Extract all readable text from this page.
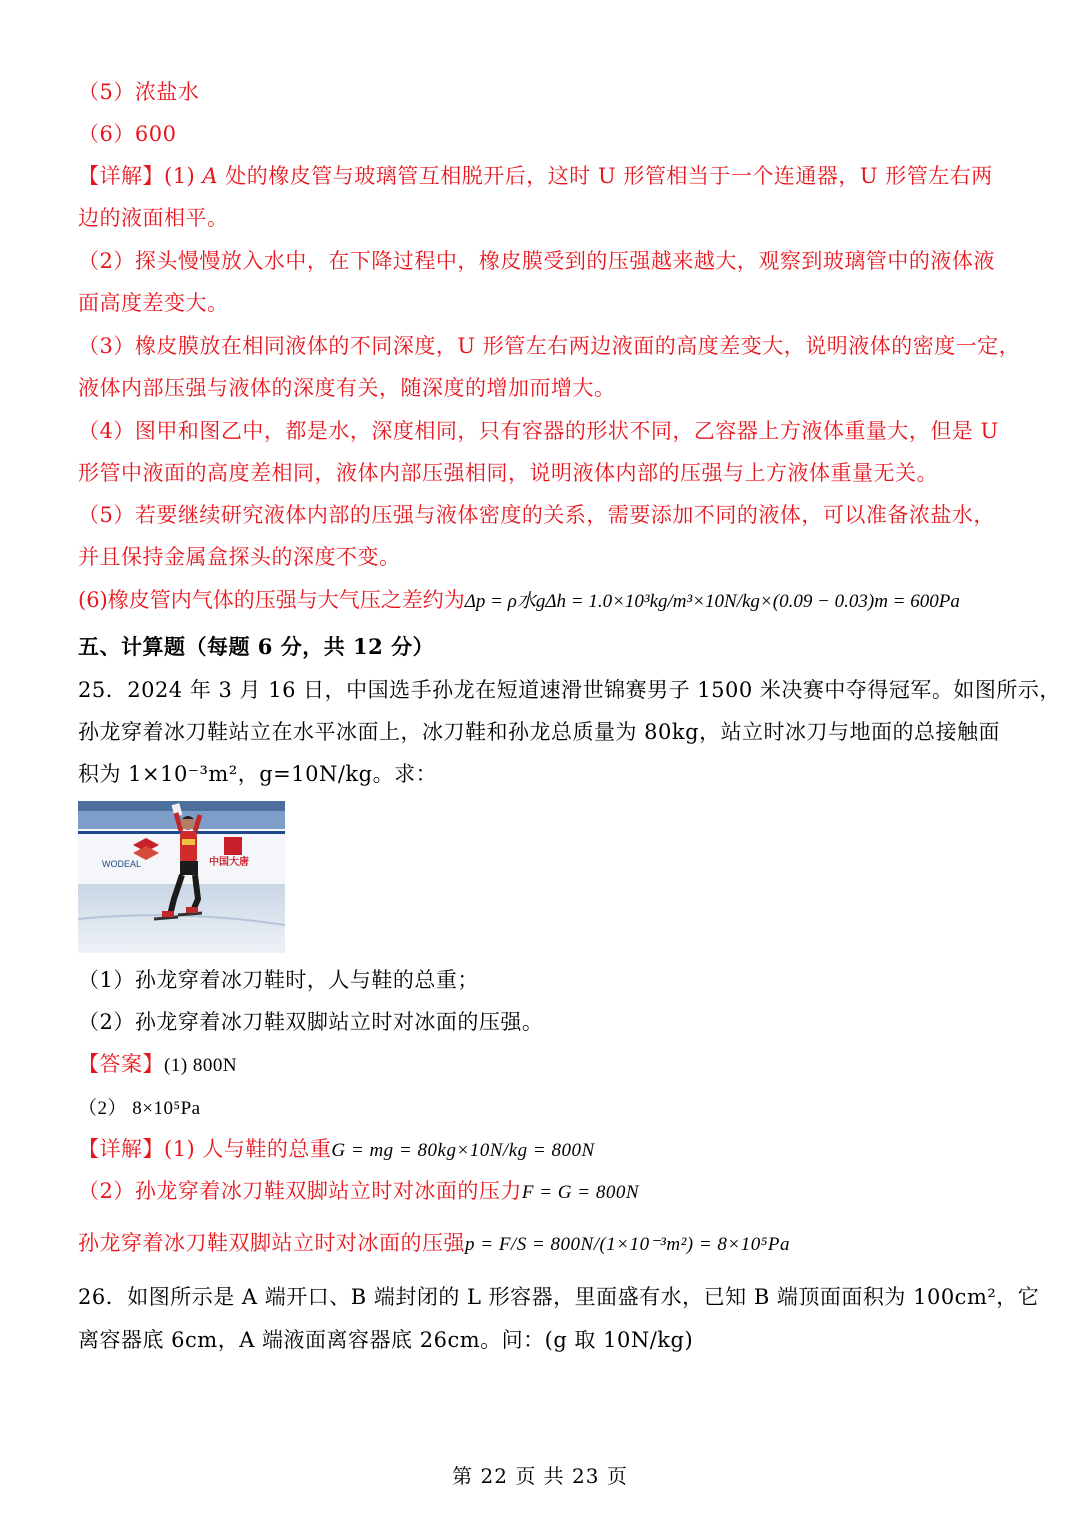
（5）浓盐水
（6）600
【详解】(1) A 处的橡皮管与玻璃管互相脱开后，这时 U 形管相当于一个连通器，U 形管左右两
边的液面相平。
（2）探头慢慢放入水中，在下降过程中，橡皮膜受到的压强越来越大，观察到玻璃管中的液体液
面高度差变大。
（3）橡皮膜放在相同液体的不同深度，U 形管左右两边液面的高度差变大，说明液体的密度一定，
液体内部压强与液体的深度有关，随深度的增加而增大。
（4）图甲和图乙中，都是水，深度相同，只有容器的形状不同，乙容器上方液体重量大，但是 U
形管中液面的高度差相同，液体内部压强相同，说明液体内部的压强与上方液体重量无关。
（5）若要继续研究液体内部的压强与液体密度的关系，需要添加不同的液体，可以准备浓盐水，
并且保持金属盒探头的深度不变。
(6)橡皮管内气体的压强与大气压之差约为Δp = ρ水gΔh = 1.0×10³kg/m³×10N/kg×(0.09 − 0.03)m = 600Pa
五、计算题（每题 6 分，共 12 分）
25．2024 年 3 月 16 日，中国选手孙龙在短道速滑世锦赛男子 1500 米决赛中夺得冠军。如图所示，
孙龙穿着冰刀鞋站立在水平冰面上，冰刀鞋和孙龙总质量为 80kg，站立时冰刀与地面的总接触面
积为 1×10⁻³m²，g=10N/kg。求：
WODEAL	中国大唐
（1）孙龙穿着冰刀鞋时，人与鞋的总重；
（2）孙龙穿着冰刀鞋双脚站立时对冰面的压强。
【答案】(1) 800N
（2） 8×10⁵Pa
【详解】(1) 人与鞋的总重G = mg = 80kg×10N/kg = 800N
（2）孙龙穿着冰刀鞋双脚站立时对冰面的压力F = G = 800N
孙龙穿着冰刀鞋双脚站立时对冰面的压强p = F/S = 800N/(1×10⁻³m²) = 8×10⁵Pa
26．如图所示是 A 端开口、B 端封闭的 L 形容器，里面盛有水，已知 B 端顶面面积为 100cm²，它
离容器底 6cm，A 端液面离容器底 26cm。问：(g 取 10N/kg)
第 22 页 共 23 页
